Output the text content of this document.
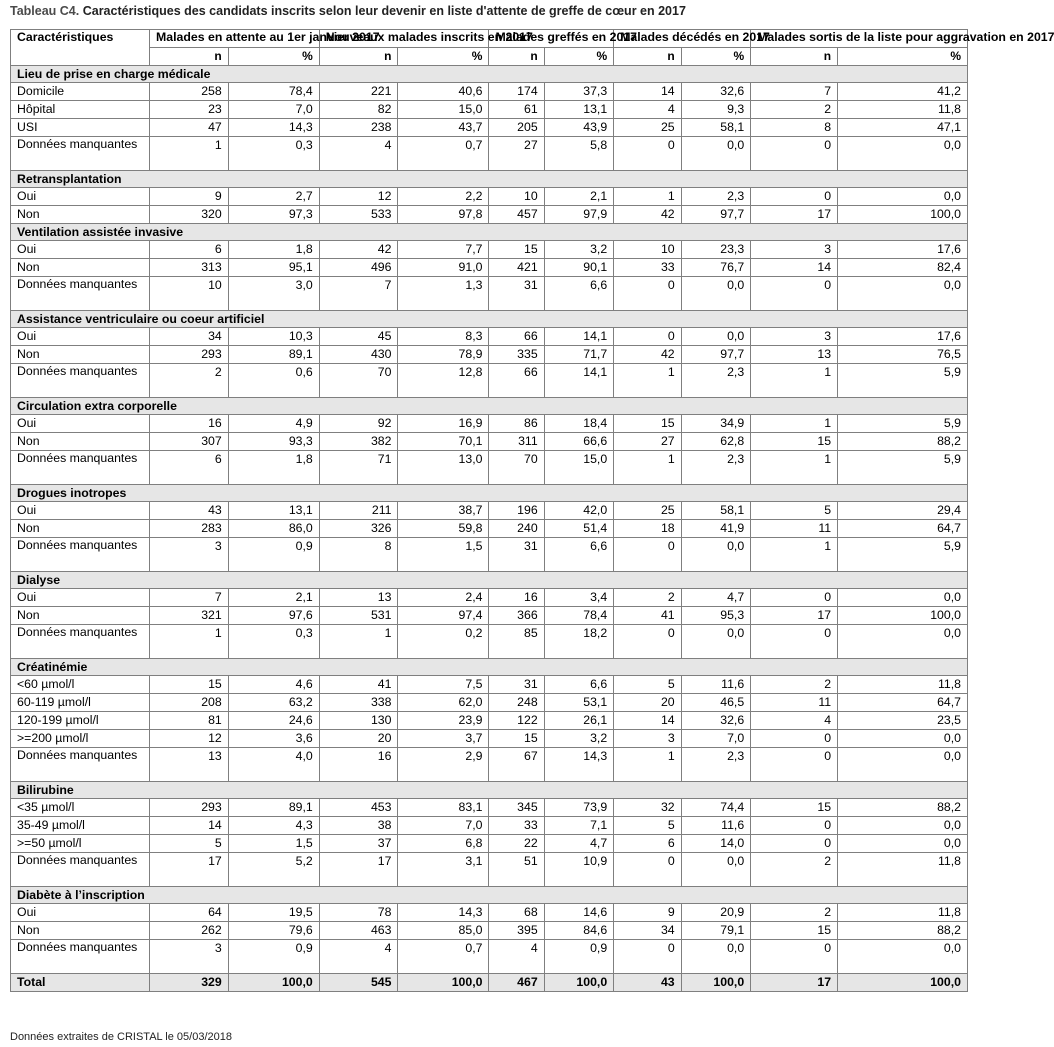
Tableau C4. Caractéristiques des candidats inscrits selon leur devenir en liste d'attente de greffe de cœur en 2017
Caractéristiques	Malades en attente au 1er janvier 2017		Nouveaux malades inscrits en 2017		Malades greffés en 2017		Malades décédés en 2017		Malades sortis de la liste pour aggravation en 2017	
	n	%	n	%	n	%	n	%	n	%
Lieu de prise en charge médicale										
Domicile	258	78,4	221	40,6	174	37,3	14	32,6	7	41,2
Hôpital	23	7,0	82	15,0	61	13,1	4	9,3	2	11,8
USI	47	14,3	238	43,7	205	43,9	25	58,1	8	47,1
Données manquantes	1	0,3	4	0,7	27	5,8	0	0,0	0	0,0
Retransplantation										
Oui	9	2,7	12	2,2	10	2,1	1	2,3	0	0,0
Non	320	97,3	533	97,8	457	97,9	42	97,7	17	100,0
Ventilation assistée invasive										
Oui	6	1,8	42	7,7	15	3,2	10	23,3	3	17,6
Non	313	95,1	496	91,0	421	90,1	33	76,7	14	82,4
Données manquantes	10	3,0	7	1,3	31	6,6	0	0,0	0	0,0
Assistance ventriculaire ou coeur artificiel										
Oui	34	10,3	45	8,3	66	14,1	0	0,0	3	17,6
Non	293	89,1	430	78,9	335	71,7	42	97,7	13	76,5
Données manquantes	2	0,6	70	12,8	66	14,1	1	2,3	1	5,9
Circulation extra corporelle										
Oui	16	4,9	92	16,9	86	18,4	15	34,9	1	5,9
Non	307	93,3	382	70,1	311	66,6	27	62,8	15	88,2
Données manquantes	6	1,8	71	13,0	70	15,0	1	2,3	1	5,9
Drogues inotropes										
Oui	43	13,1	211	38,7	196	42,0	25	58,1	5	29,4
Non	283	86,0	326	59,8	240	51,4	18	41,9	11	64,7
Données manquantes	3	0,9	8	1,5	31	6,6	0	0,0	1	5,9
Dialyse										
Oui	7	2,1	13	2,4	16	3,4	2	4,7	0	0,0
Non	321	97,6	531	97,4	366	78,4	41	95,3	17	100,0
Données manquantes	1	0,3	1	0,2	85	18,2	0	0,0	0	0,0
Créatinémie										
<60 µmol/l	15	4,6	41	7,5	31	6,6	5	11,6	2	11,8
60-119 µmol/l	208	63,2	338	62,0	248	53,1	20	46,5	11	64,7
120-199 µmol/l	81	24,6	130	23,9	122	26,1	14	32,6	4	23,5
>=200 µmol/l	12	3,6	20	3,7	15	3,2	3	7,0	0	0,0
Données manquantes	13	4,0	16	2,9	67	14,3	1	2,3	0	0,0
Bilirubine										
<35 µmol/l	293	89,1	453	83,1	345	73,9	32	74,4	15	88,2
35-49 µmol/l	14	4,3	38	7,0	33	7,1	5	11,6	0	0,0
>=50 µmol/l	5	1,5	37	6,8	22	4,7	6	14,0	0	0,0
Données manquantes	17	5,2	17	3,1	51	10,9	0	0,0	2	11,8
Diabète à l’inscription										
Oui	64	19,5	78	14,3	68	14,6	9	20,9	2	11,8
Non	262	79,6	463	85,0	395	84,6	34	79,1	15	88,2
Données manquantes	3	0,9	4	0,7	4	0,9	0	0,0	0	0,0
Total	329	100,0	545	100,0	467	100,0	43	100,0	17	100,0
Données extraites de CRISTAL le 05/03/2018
